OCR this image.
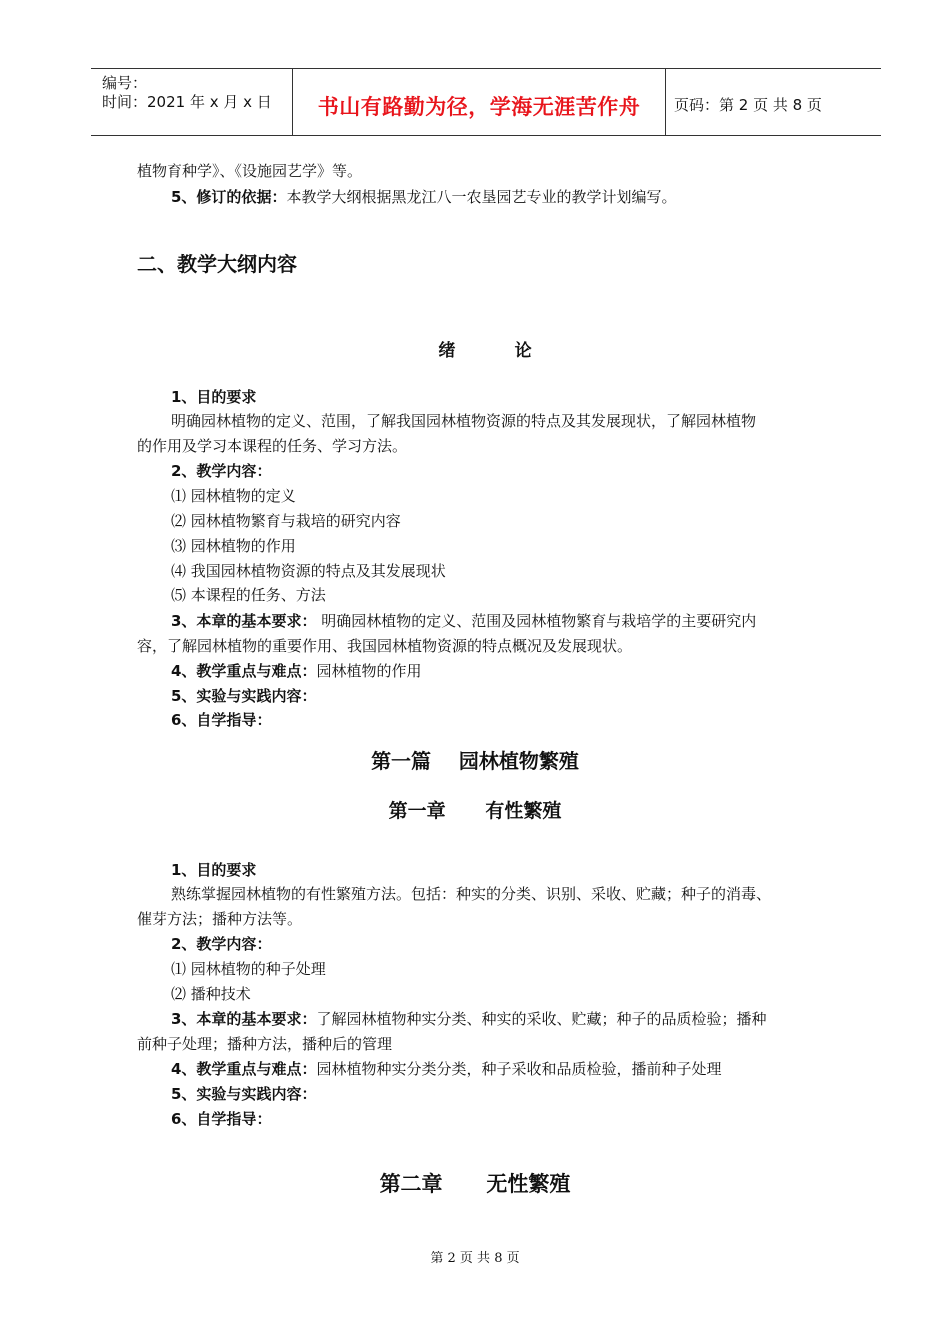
编号：
时间：2021 年 x 月 x 日	书山有路勤为径，学海无涯苦作舟	页码：第 2 页 共 8 页
植物育种学》、《设施园艺学》等。
5、修订的依据：本教学大纲根据黑龙江八一农垦园艺专业的教学计划编写。
二、教学大纲内容
绪          论
1、目的要求
明确园林植物的定义、范围，了解我国园林植物资源的特点及其发展现状，了解园林植物
的作用及学习本课程的任务、学习方法。
2、教学内容：
⑴ 园林植物的定义
⑵ 园林植物繁育与栽培的研究内容
⑶ 园林植物的作用
⑷ 我国园林植物资源的特点及其发展现状
⑸ 本课程的任务、方法
3、本章的基本要求： 明确园林植物的定义、范围及园林植物繁育与栽培学的主要研究内
容，了解园林植物的重要作用、我国园林植物资源的特点概况及发展现状。
4、教学重点与难点：园林植物的作用
5、实验与实践内容：
6、自学指导：
第一篇    园林植物繁殖
第一章      有性繁殖
1、目的要求
熟练掌握园林植物的有性繁殖方法。包括：种实的分类、识别、采收、贮藏；种子的消毒、
催芽方法；播种方法等。
2、教学内容：
⑴ 园林植物的种子处理
⑵ 播种技术
3、本章的基本要求：了解园林植物种实分类、种实的采收、贮藏；种子的品质检验；播种
前种子处理；播种方法，播种后的管理
4、教学重点与难点：园林植物种实分类分类，种子采收和品质检验，播前种子处理
5、实验与实践内容：
6、自学指导：
第二章      无性繁殖
第 2 页 共 8 页
